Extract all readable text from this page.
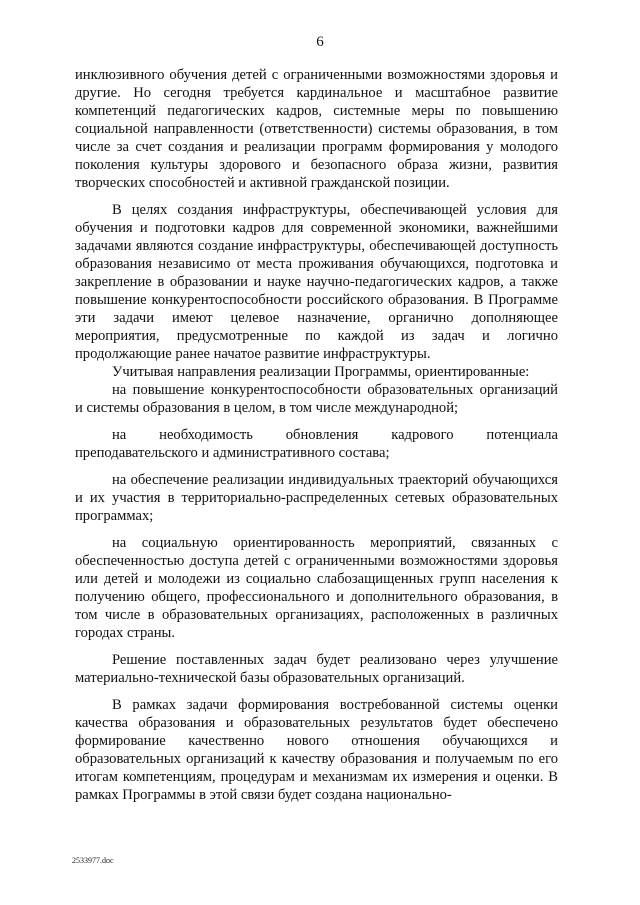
6

инклюзивного обучения детей с ограниченными возможностями здоровья и другие. Но сегодня требуется кардинальное и масштабное развитие компетенций педагогических кадров, системные меры по повышению социальной направленности (ответственности) системы образования, в том числе за счет создания и реализации программ формирования у молодого поколения культуры здорового и безопасного образа жизни, развития творческих способностей и активной гражданской позиции.

В целях создания инфраструктуры, обеспечивающей условия для обучения и подготовки кадров для современной экономики, важнейшими задачами являются создание инфраструктуры, обеспечивающей доступность образования независимо от места проживания обучающихся, подготовка и закрепление в образовании и науке научно-педагогических кадров, а также повышение конкурентоспособности российского образования. В Программе эти задачи имеют целевое назначение, органично дополняющее мероприятия, предусмотренные по каждой из задач и логично продолжающие ранее начатое развитие инфраструктуры.

Учитывая направления реализации Программы, ориентированные:

на повышение конкурентоспособности образовательных организаций и системы образования в целом, в том числе международной;

на необходимость обновления кадрового потенциала преподавательского и административного состава;

на обеспечение реализации индивидуальных траекторий обучающихся и их участия в территориально-распределенных сетевых образовательных программах;

на социальную ориентированность мероприятий, связанных с обеспеченностью доступа детей с ограниченными возможностями здоровья или детей и молодежи из социально слабозащищенных групп населения к получению общего, профессионального и дополнительного образования, в том числе в образовательных организациях, расположенных в различных городах страны.

Решение поставленных задач будет реализовано через улучшение материально-технической базы образовательных организаций.

В рамках задачи формирования востребованной системы оценки качества образования и образовательных результатов будет обеспечено формирование качественно нового отношения обучающихся и образовательных организаций к качеству образования и получаемым по его итогам компетенциям, процедурам и механизмам их измерения и оценки. В рамках Программы в этой связи будет создана национально-

2533977.doc
